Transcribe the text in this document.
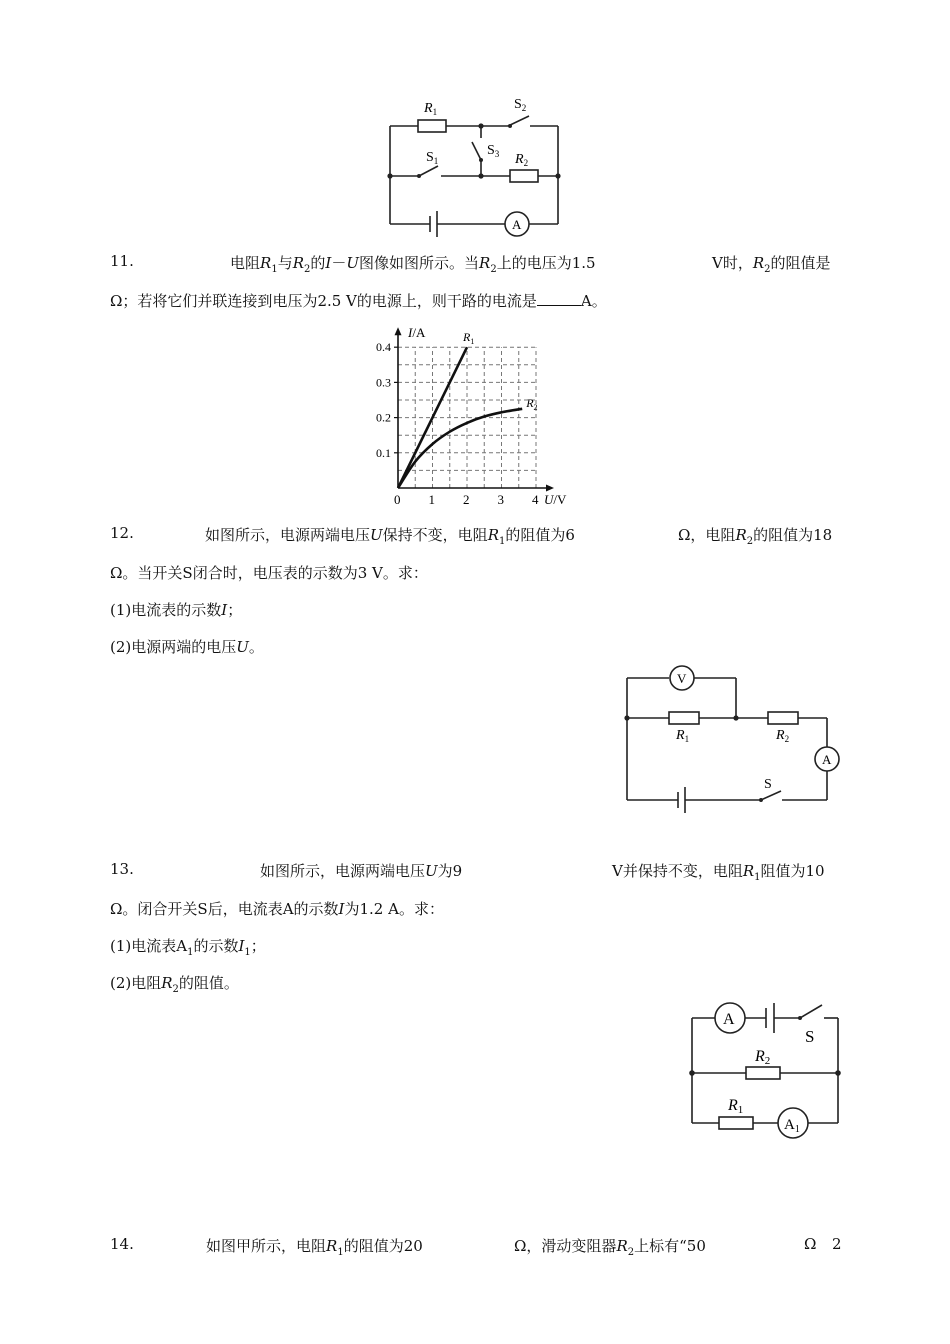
$R_1$	$S_2$
$S_3$
$S_1$	$R_2$
A
11.	电阻$R_1$与$R_2$的I－U图像如图所示。当$R_2$上的电压为1.5	V时，$R_2$的阻值是
Ω；若将它们并联连接到电压为2.5 V的电源上，则干路的电流是	A。
0 1 2 3 4
0.1
0.2
0.3
0.4
I/A
U/V
$R_1$
$R_2$
12.	如图所示，电源两端电压U保持不变，电阻$R_1$的阻值为6	Ω，电阻$R_2$的阻值为18
Ω。当开关S闭合时，电压表的示数为3 V。求：
(1)电流表的示数I；
(2)电源两端的电压U。
V
$R_1$	$R_2$
A
S
13.	如图所示，电源两端电压U为9	V并保持不变，电阻$R_1$阻值为10
Ω。闭合开关S后，电流表A的示数I为1.2 A。求：
(1)电流表$A_1$的示数$I_1$；
(2)电阻$R_2$的阻值。
A
S
R2
R1
$A_1$
14.	如图甲所示，电阻$R_1$的阻值为20	Ω，滑动变阻器$R_2$上标有“50	Ω 2
